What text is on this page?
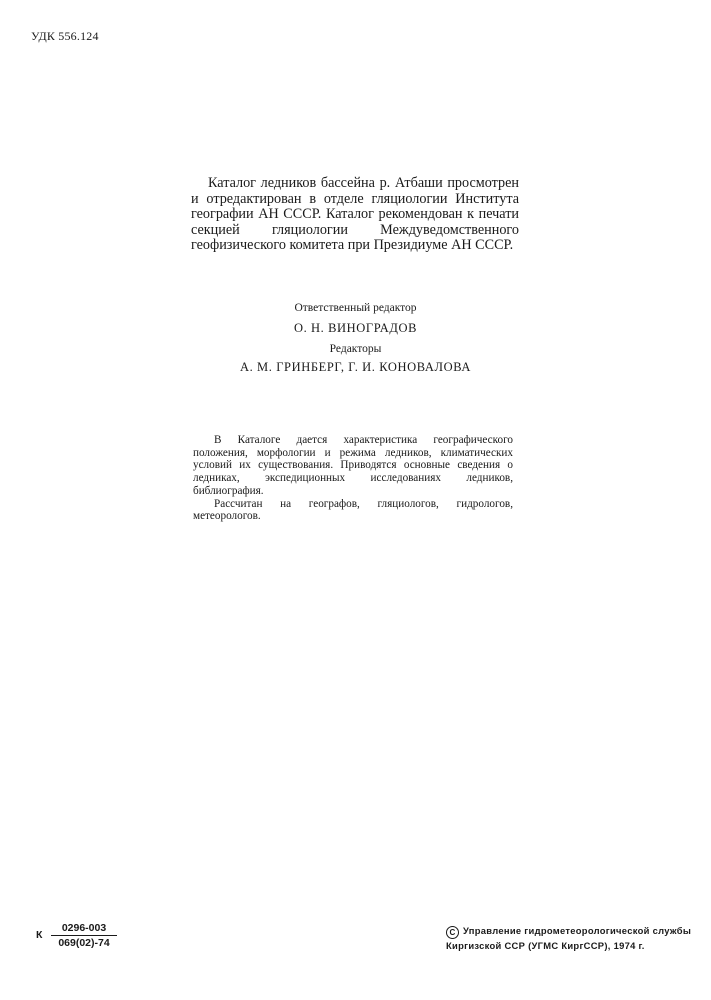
УДК 556.124

Каталог ледников бассейна р. Атбаши просмотрен и отредактирован в отделе гляциологии Института географии АН СССР. Каталог рекомендован к печати секцией гляциологии Междуведомственного геофизического комитета при Президиуме АН СССР.

Ответственный редактор
О. Н. ВИНОГРАДОВ
Редакторы
А. М. ГРИНБЕРГ, Г. И. КОНОВАЛОВА

В Каталоге дается характеристика географического положения, морфологии и режима ледников, климатических условий их существования. Приводятся основные сведения о ледниках, экспедиционных исследованиях ледников, библиография.

Рассчитан на географов, гляциологов, гидрологов, метеорологов.

К
0296-003
069(02)-74
C Управление гидрометеорологической службы
Киргизской ССР (УГМС КиргССР), 1974 г.
